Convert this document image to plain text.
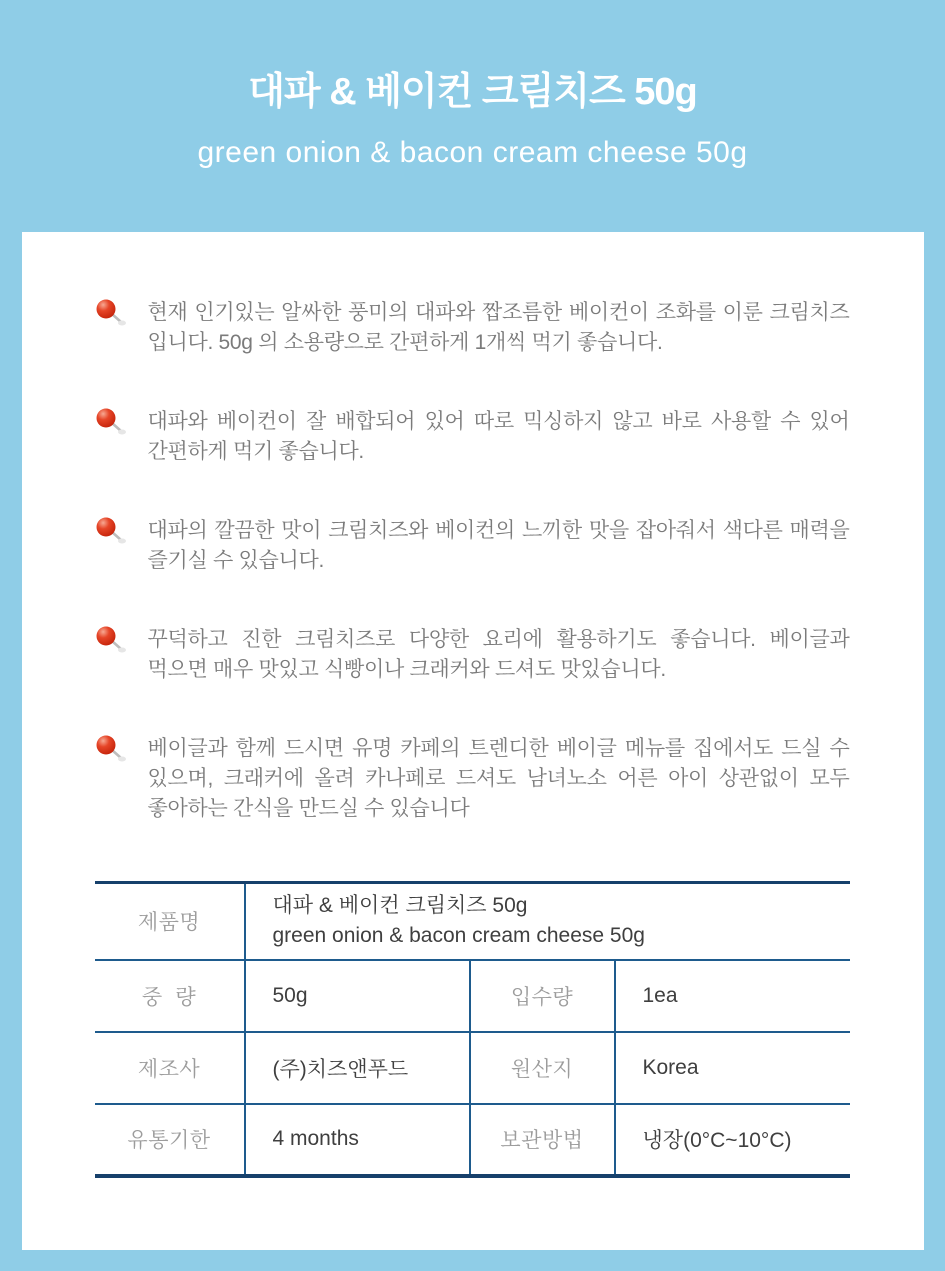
대파 & 베이컨 크림치즈 50g
green onion & bacon cream cheese 50g

현재 인기있는 알싸한 풍미의 대파와 짭조름한 베이컨이 조화를 이룬 크림치즈 입니다. 50g 의 소용량으로 간편하게 1개씩 먹기 좋습니다.

대파와 베이컨이 잘 배합되어 있어 따로 믹싱하지 않고 바로 사용할 수 있어 간편하게 먹기 좋습니다.

대파의 깔끔한 맛이 크림치즈와 베이컨의 느끼한 맛을 잡아줘서 색다른 매력을 즐기실 수 있습니다.

꾸덕하고 진한 크림치즈로 다양한 요리에 활용하기도 좋습니다. 베이글과 먹으면 매우 맛있고 식빵이나 크래커와 드셔도 맛있습니다.

베이글과 함께 드시면 유명 카페의 트렌디한 베이글 메뉴를 집에서도 드실 수 있으며, 크래커에 올려 카나페로 드셔도 남녀노소 어른 아이 상관없이 모두 좋아하는 간식을 만드실 수 있습니다

제품명	대파 & 베이컨 크림치즈 50g
green onion & bacon cream cheese 50g		

중  량	50g	입수량	1ea
제조사	(주)치즈앤푸드	원산지	Korea
유통기한	4 months	보관방법	냉장(0°C~10°C)
